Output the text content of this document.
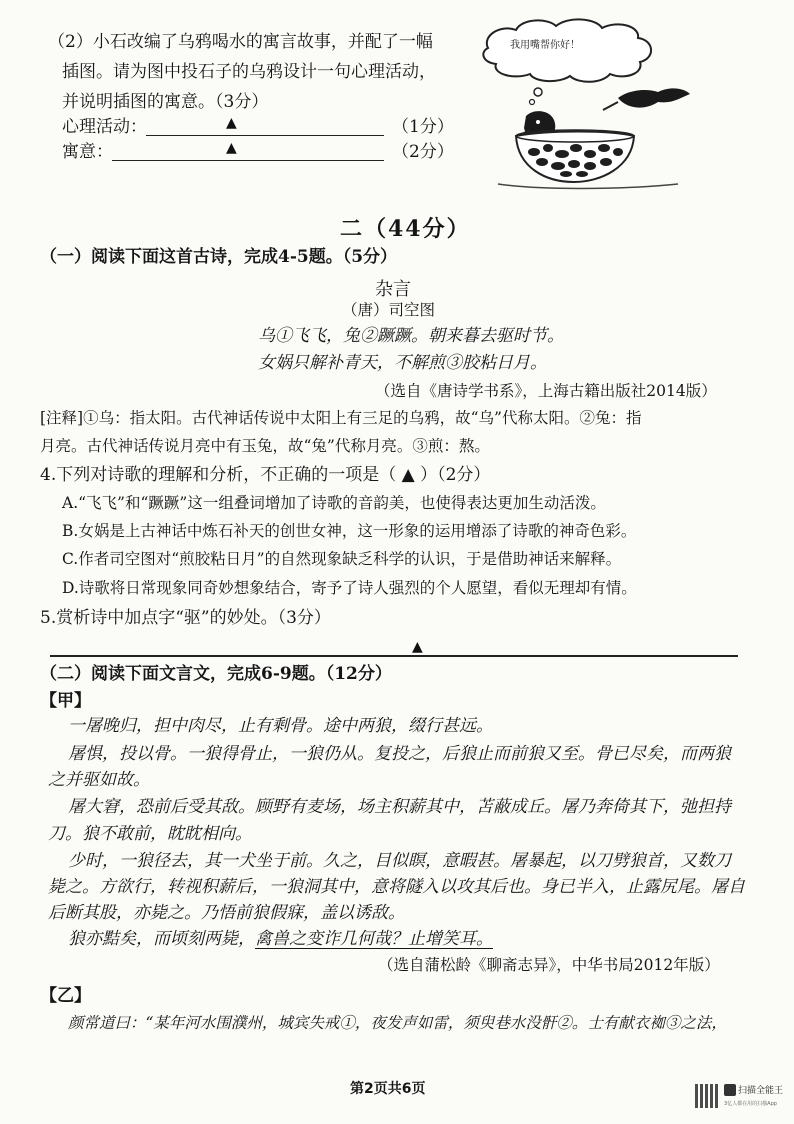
（2）小石改编了乌鸦喝水的寓言故事，并配了一幅
插图。请为图中投石子的乌鸦设计一句心理活动，
并说明插图的寓意。（3分）
心理活动：	▲	（1分）
寓意：	▲	（2分）
我用嘴帮你好！
二（44分）
（一）阅读下面这首古诗，完成4-5题。（5分）
杂言
（唐）司空图
乌①飞飞，兔②蹶蹶。朝来暮去驱时节。
女娲只解补青天，不解煎③胶粘日月。
（选自《唐诗学书系》，上海古籍出版社2014版）
[注释]①乌：指太阳。古代神话传说中太阳上有三足的乌鸦，故“乌”代称太阳。②兔：指
月亮。古代神话传说月亮中有玉兔，故“兔”代称月亮。③煎：熬。
4.下列对诗歌的理解和分析，不正确的一项是（ ▲ ）（2分）
A.“飞飞”和“蹶蹶”这一组叠词增加了诗歌的音韵美，也使得表达更加生动活泼。
B.女娲是上古神话中炼石补天的创世女神，这一形象的运用增添了诗歌的神奇色彩。
C.作者司空图对“煎胶粘日月”的自然现象缺乏科学的认识，于是借助神话来解释。
D.诗歌将日常现象同奇妙想象结合，寄予了诗人强烈的个人愿望，看似无理却有情。
5.赏析诗中加点字“驱”的妙处。（3分）
▲
（二）阅读下面文言文，完成6-9题。（12分）
【甲】
一屠晚归，担中肉尽，止有剩骨。途中两狼，缀行甚远。
屠惧，投以骨。一狼得骨止，一狼仍从。复投之，后狼止而前狼又至。骨已尽矣，而两狼
之并驱如故。
屠大窘，恐前后受其敌。顾野有麦场，场主积薪其中，苫蔽成丘。屠乃奔倚其下，弛担持
刀。狼不敢前，眈眈相向。
少时，一狼径去，其一犬坐于前。久之，目似瞑，意暇甚。屠暴起，以刀劈狼首，又数刀
毙之。方欲行，转视积薪后，一狼洞其中，意将隧入以攻其后也。身已半入，止露尻尾。屠自
后断其股，亦毙之。乃悟前狼假寐，盖以诱敌。
狼亦黠矣，而顷刻两毙，禽兽之变诈几何哉？止增笑耳。
（选自蒲松龄《聊斋志异》，中华书局2012年版）
【乙】
颜常道曰：“某年河水围濮州，城宾失戒①，夜发声如雷，须臾巷水没骭②。士有献衣袽③之法，
第2页共6页	扫描全能王
3亿人都在用的扫描App
